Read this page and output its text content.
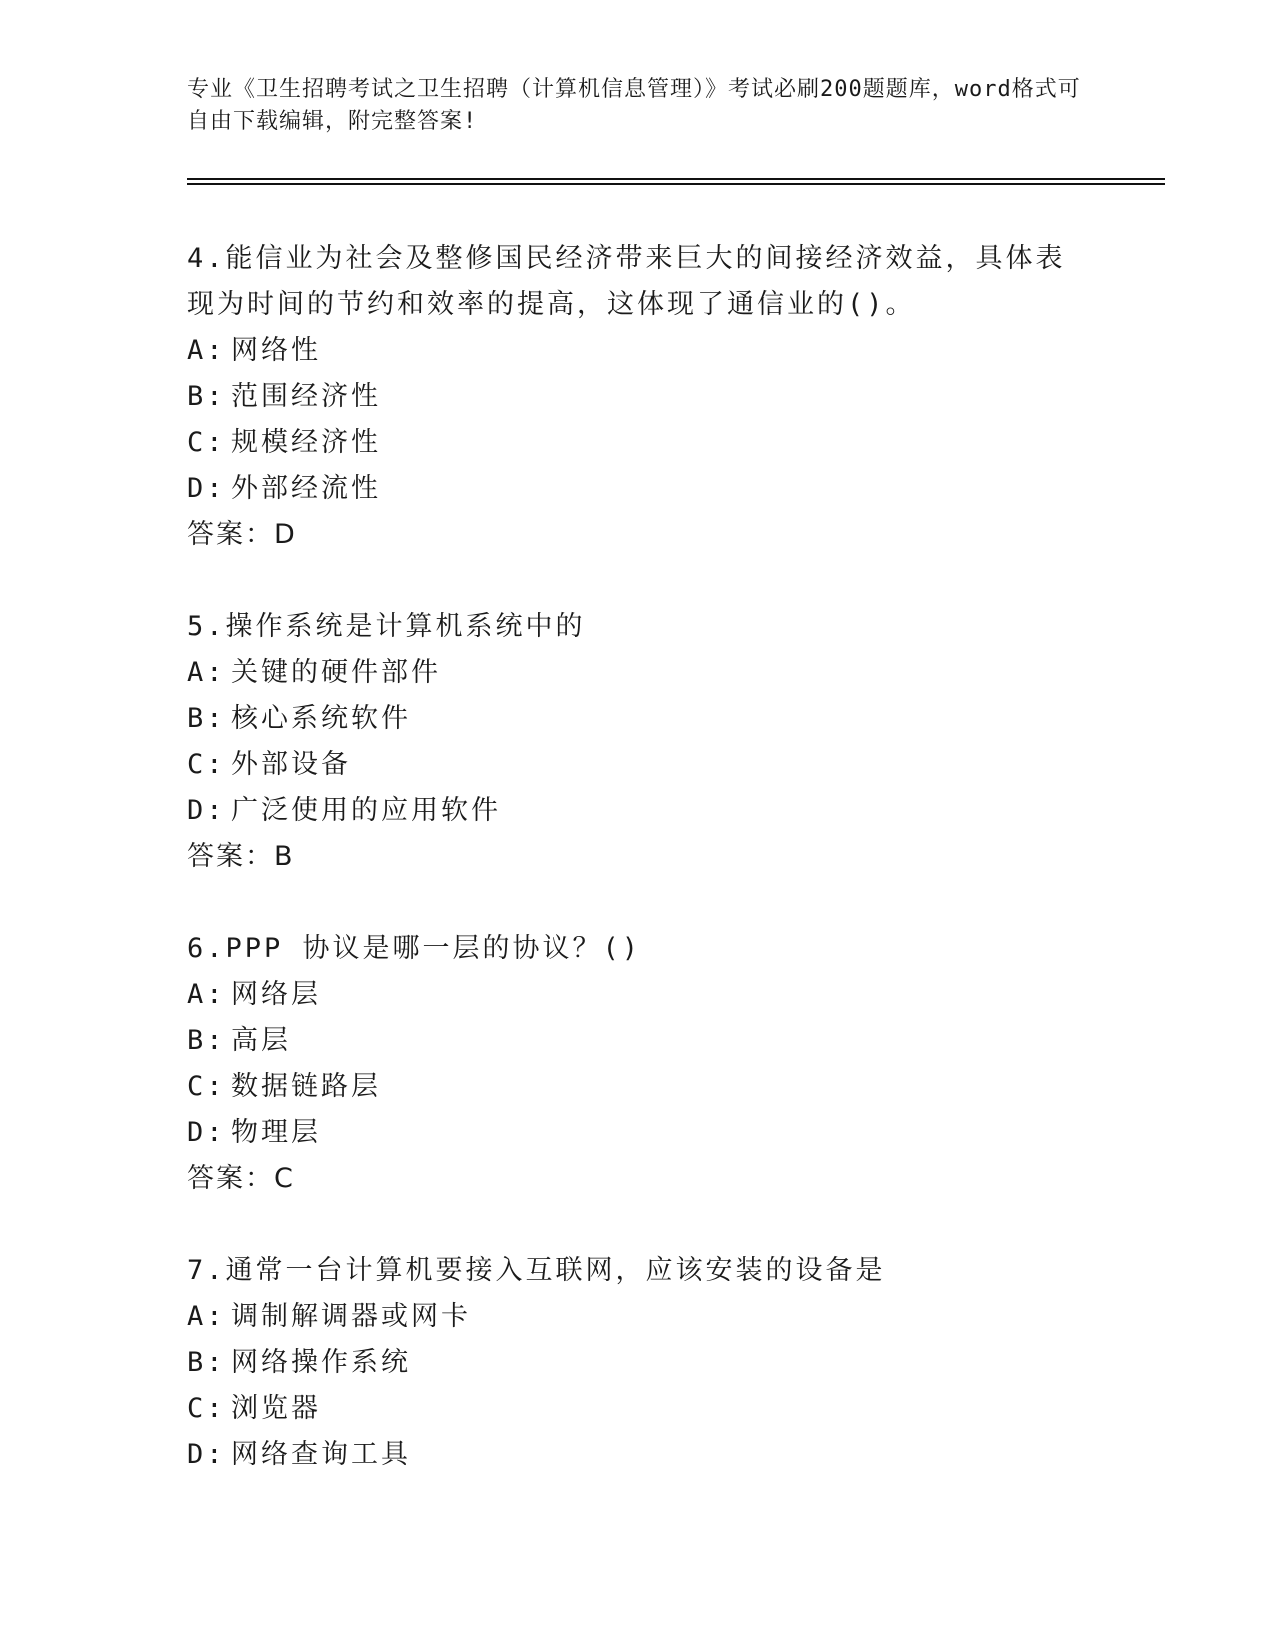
专业《卫生招聘考试之卫生招聘（计算机信息管理）》考试必刷200题题库，word格式可自由下载编辑，附完整答案!

4.能信业为社会及整修国民经济带来巨大的间接经济效益，具体表现为时间的节约和效率的提高，这体现了通信业的()。

A: 网络性

B: 范围经济性

C: 规模经济性

D: 外部经流性

答案：D

5.操作系统是计算机系统中的

A: 关键的硬件部件

B: 核心系统软件

C: 外部设备

D: 广泛使用的应用软件

答案：B

6.PPP 协议是哪一层的协议？()

A: 网络层

B: 高层

C: 数据链路层

D: 物理层

答案：C

7.通常一台计算机要接入互联网，应该安装的设备是

A: 调制解调器或网卡

B: 网络操作系统

C: 浏览器

D: 网络查询工具
